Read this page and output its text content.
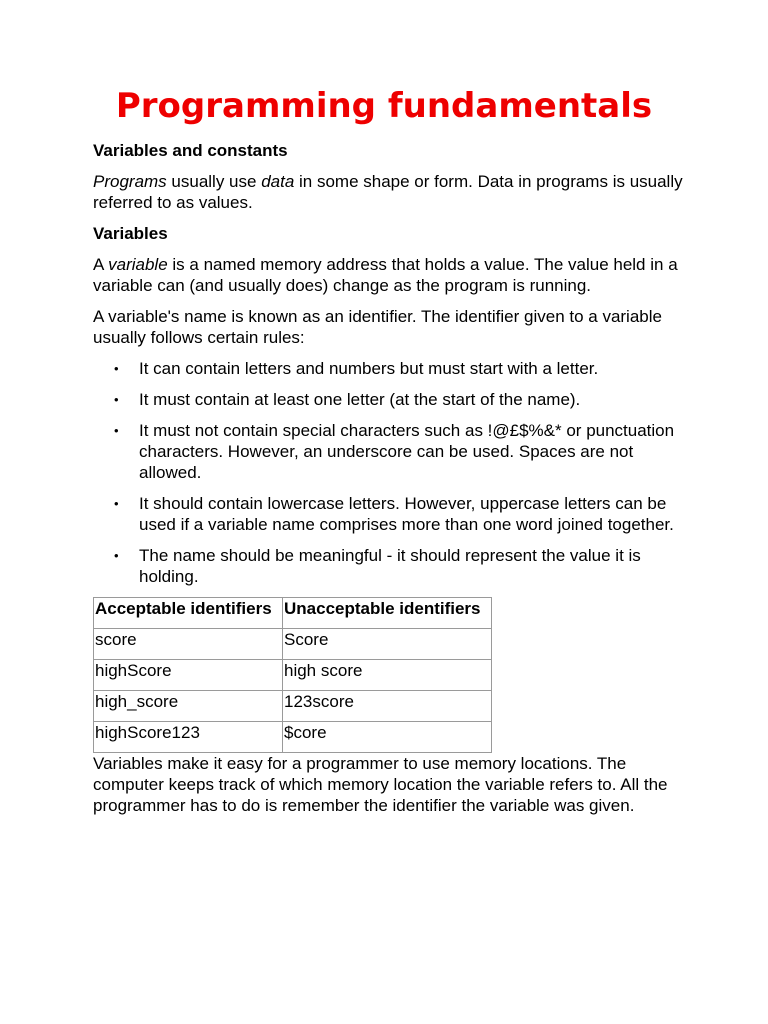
Programming fundamentals

Variables and constants

Programs usually use data in some shape or form. Data in programs is usually referred to as values.

Variables

A variable is a named memory address that holds a value. The value held in a variable can (and usually does) change as the program is running.

A variable's name is known as an identifier. The identifier given to a variable usually follows certain rules:

• It can contain letters and numbers but must start with a letter.
• It must contain at least one letter (at the start of the name).
• It must not contain special characters such as !@£$%&* or punctuation characters. However, an underscore can be used. Spaces are not allowed.
• It should contain lowercase letters. However, uppercase letters can be used if a variable name comprises more than one word joined together.
• The name should be meaningful - it should represent the value it is holding.
Acceptable identifiers	Unacceptable identifiers
score	Score
highScore	high score
high_score	123score
highScore123	$core

Variables make it easy for a programmer to use memory locations. The computer keeps track of which memory location the variable refers to. All the programmer has to do is remember the identifier the variable was given.
